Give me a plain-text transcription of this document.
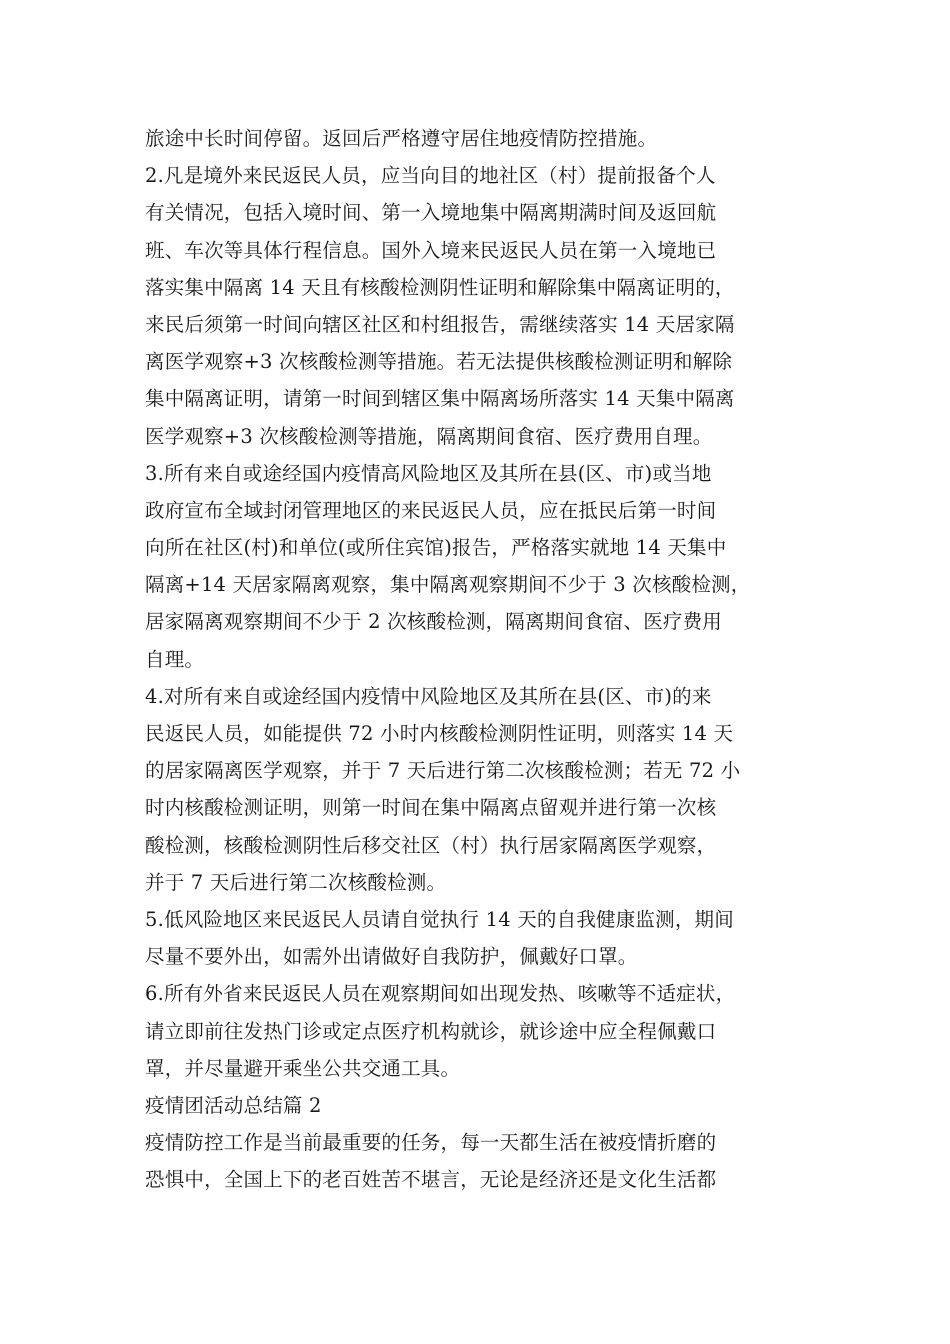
旅途中长时间停留。返回后严格遵守居住地疫情防控措施。
2.凡是境外来民返民人员，应当向目的地社区（村）提前报备个人
有关情况，包括入境时间、第一入境地集中隔离期满时间及返回航
班、车次等具体行程信息。国外入境来民返民人员在第一入境地已
落实集中隔离 14 天且有核酸检测阴性证明和解除集中隔离证明的，
来民后须第一时间向辖区社区和村组报告，需继续落实 14 天居家隔
离医学观察+3 次核酸检测等措施。若无法提供核酸检测证明和解除
集中隔离证明，请第一时间到辖区集中隔离场所落实 14 天集中隔离
医学观察+3 次核酸检测等措施，隔离期间食宿、医疗费用自理。
3.所有来自或途经国内疫情高风险地区及其所在县(区、市)或当地
政府宣布全域封闭管理地区的来民返民人员，应在抵民后第一时间
向所在社区(村)和单位(或所住宾馆)报告，严格落实就地 14 天集中
隔离+14 天居家隔离观察，集中隔离观察期间不少于 3 次核酸检测，
居家隔离观察期间不少于 2 次核酸检测，隔离期间食宿、医疗费用
自理。
4.对所有来自或途经国内疫情中风险地区及其所在县(区、市)的来
民返民人员，如能提供 72 小时内核酸检测阴性证明，则落实 14 天
的居家隔离医学观察，并于 7 天后进行第二次核酸检测；若无 72 小
时内核酸检测证明，则第一时间在集中隔离点留观并进行第一次核
酸检测，核酸检测阴性后移交社区（村）执行居家隔离医学观察，
并于 7 天后进行第二次核酸检测。
5.低风险地区来民返民人员请自觉执行 14 天的自我健康监测，期间
尽量不要外出，如需外出请做好自我防护，佩戴好口罩。
6.所有外省来民返民人员在观察期间如出现发热、咳嗽等不适症状，
请立即前往发热门诊或定点医疗机构就诊，就诊途中应全程佩戴口
罩，并尽量避开乘坐公共交通工具。
疫情团活动总结篇 2
疫情防控工作是当前最重要的任务，每一天都生活在被疫情折磨的
恐惧中，全国上下的老百姓苦不堪言，无论是经济还是文化生活都
